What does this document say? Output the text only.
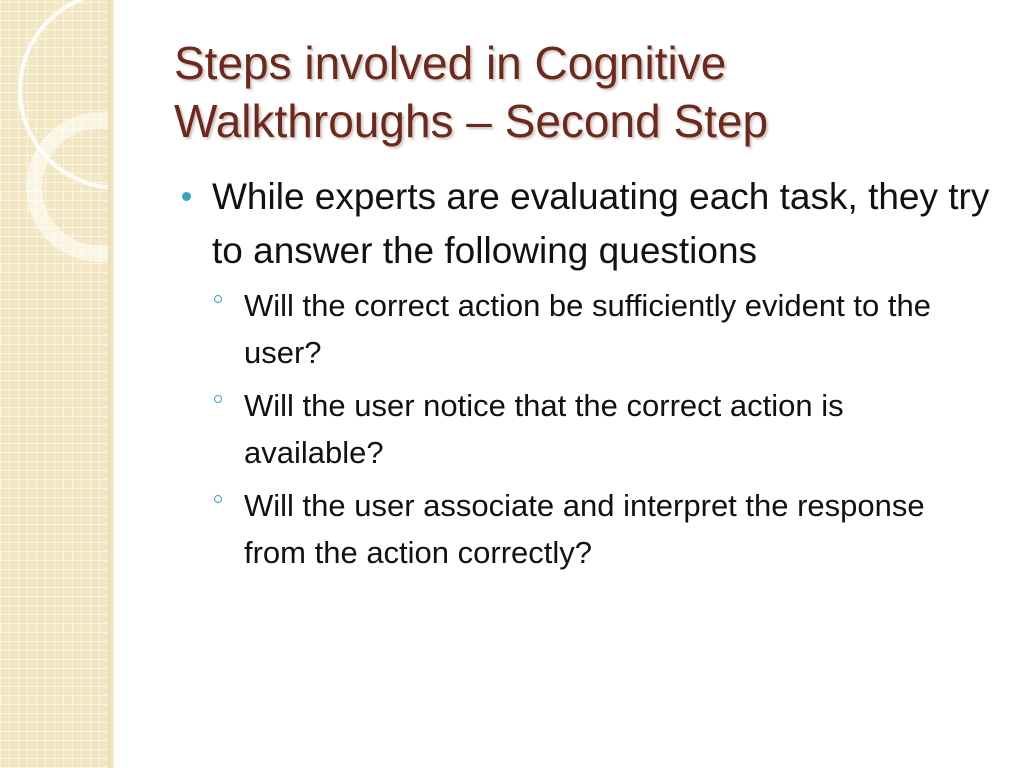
Steps involved in Cognitive
Walkthroughs – Second Step
While experts are evaluating each task, they try to answer the following questions
Will the correct action be sufficiently evident to the user?
Will the user notice that the correct action is available?
Will the user associate and interpret the response from the action correctly?
